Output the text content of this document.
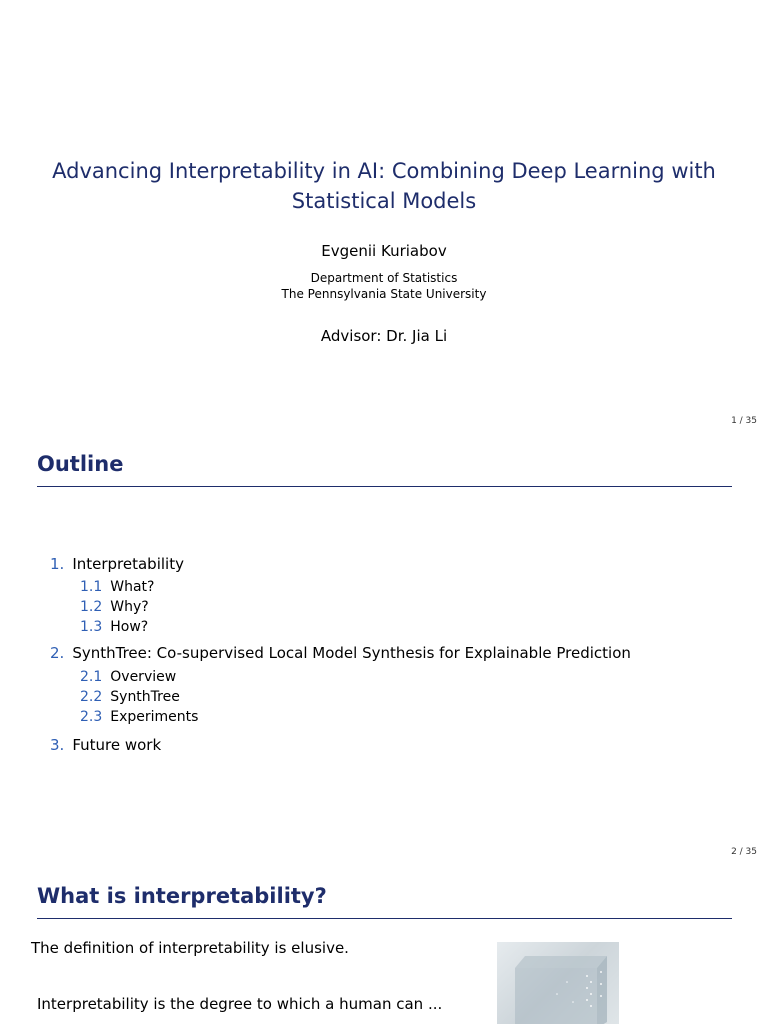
Advancing Interpretability in AI: Combining Deep Learning with
Statistical Models
Evgenii Kuriabov
Department of Statistics
The Pennsylvania State University
Advisor: Dr. Jia Li
1 / 35
Outline
1. Interpretability
1.1 What?
1.2 Why?
1.3 How?
2. SynthTree: Co-supervised Local Model Synthesis for Explainable Prediction
2.1 Overview
2.2 SynthTree
2.3 Experiments
3. Future work
2 / 35
What is interpretability?
The definition of interpretability is elusive.
Interpretability is the degree to which a human can ...
